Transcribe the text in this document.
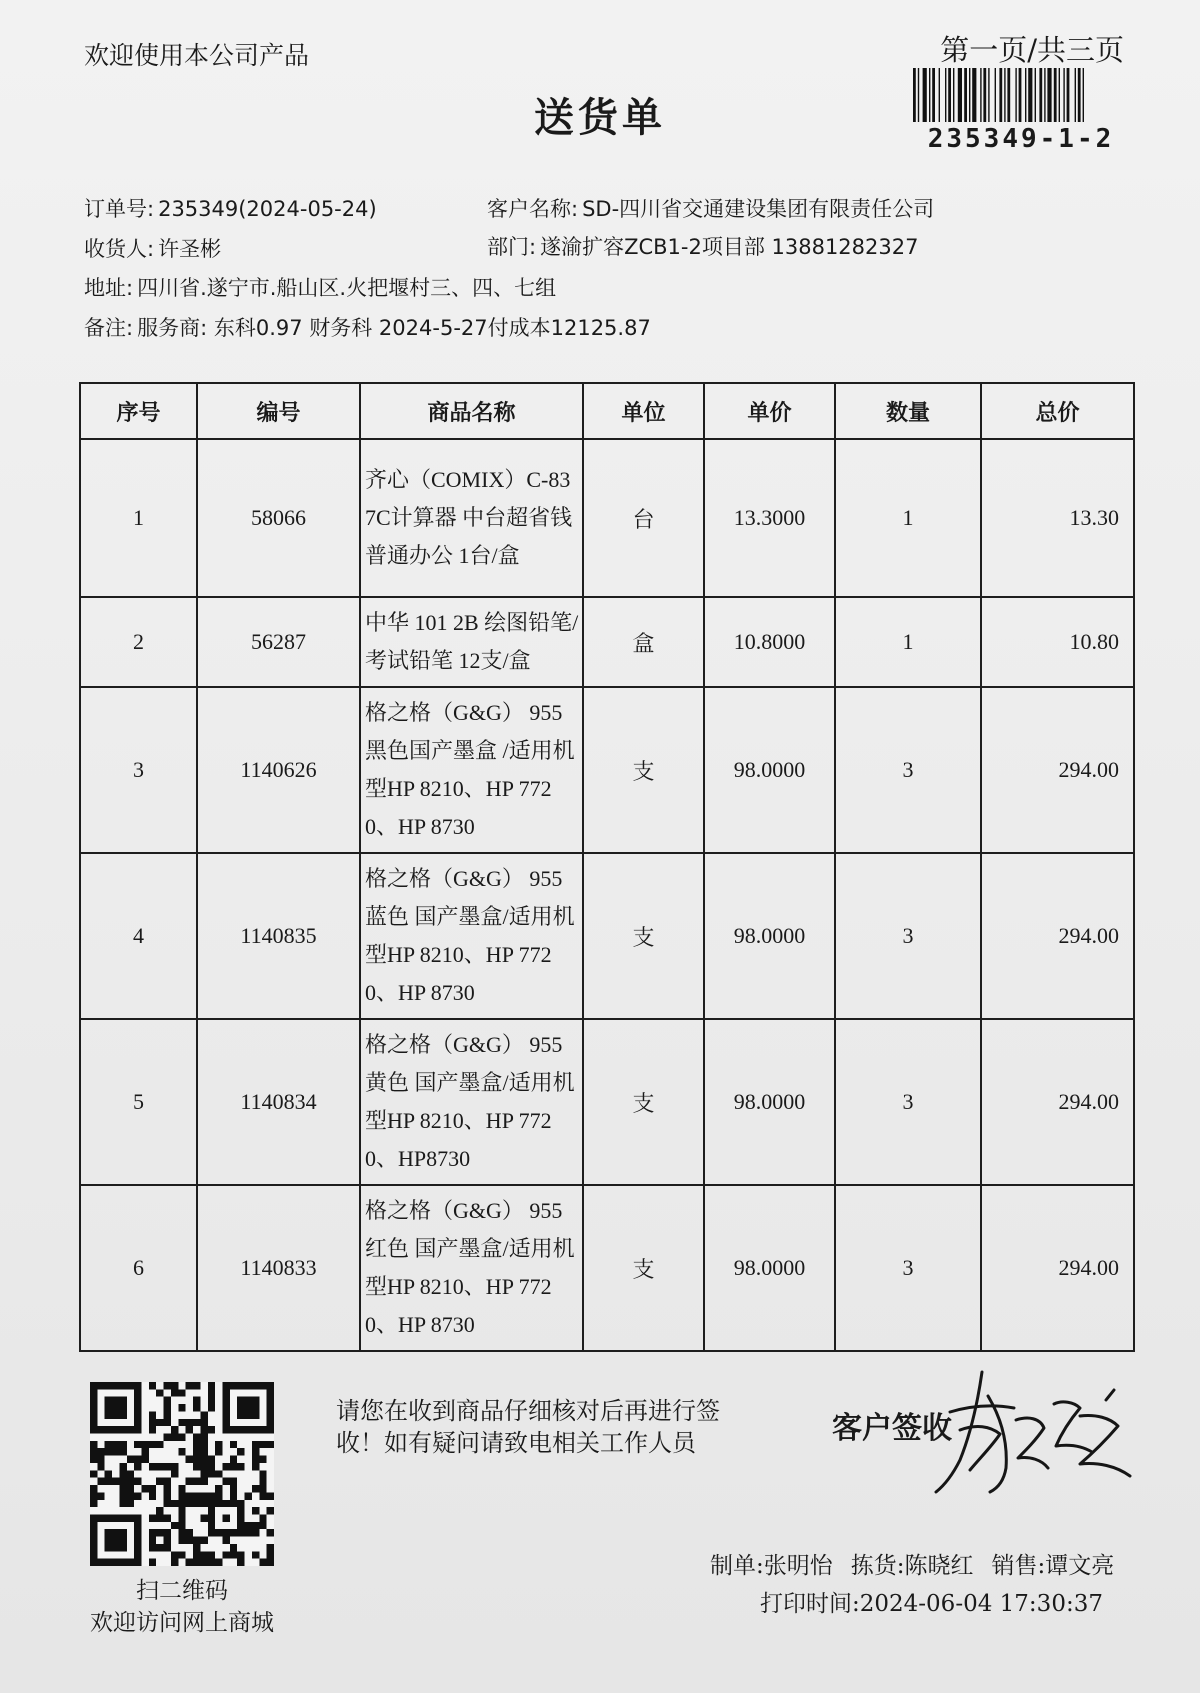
欢迎使用本公司产品	第一页/共三页
235349-1-2
送货单
订单号: 235349(2024-05-24)	客户名称: SD-四川省交通建设集团有限责任公司
收货人: 许圣彬	部门: 遂渝扩容ZCB1-2项目部 13881282327
地址: 四川省.遂宁市.船山区.火把堰村三、四、七组
备注: 服务商: 东科0.97 财务科 2024-5-27付成本12125.87
序号	编号	商品名称	单位	单价	数量	总价
1	58066	齐心（COMIX）C-837C计算器 中台超省钱普通办公 1台/盒	台	13.3000	1	13.30
2	56287	中华 101 2B 绘图铅笔/考试铅笔 12支/盒	盒	10.8000	1	10.80
3	1140626	格之格（G&G） 955 黑色国产墨盒 /适用机型HP 8210、HP 7720、HP 8730	支	98.0000	3	294.00
4	1140835	格之格（G&G） 955 蓝色 国产墨盒/适用机型HP 8210、HP 7720、HP 8730	支	98.0000	3	294.00
5	1140834	格之格（G&G） 955 黄色 国产墨盒/适用机型HP 8210、HP 7720、HP8730	支	98.0000	3	294.00
6	1140833	格之格（G&G） 955 红色 国产墨盒/适用机型HP 8210、HP 7720、HP 8730	支	98.0000	3	294.00
扫二维码
欢迎访问网上商城
请您在收到商品仔细核对后再进行签收！如有疑问请致电相关工作人员	客户签收
制单:张明怡 拣货:陈晓红 销售:谭文亮
打印时间:2024-06-04 17:30:37
